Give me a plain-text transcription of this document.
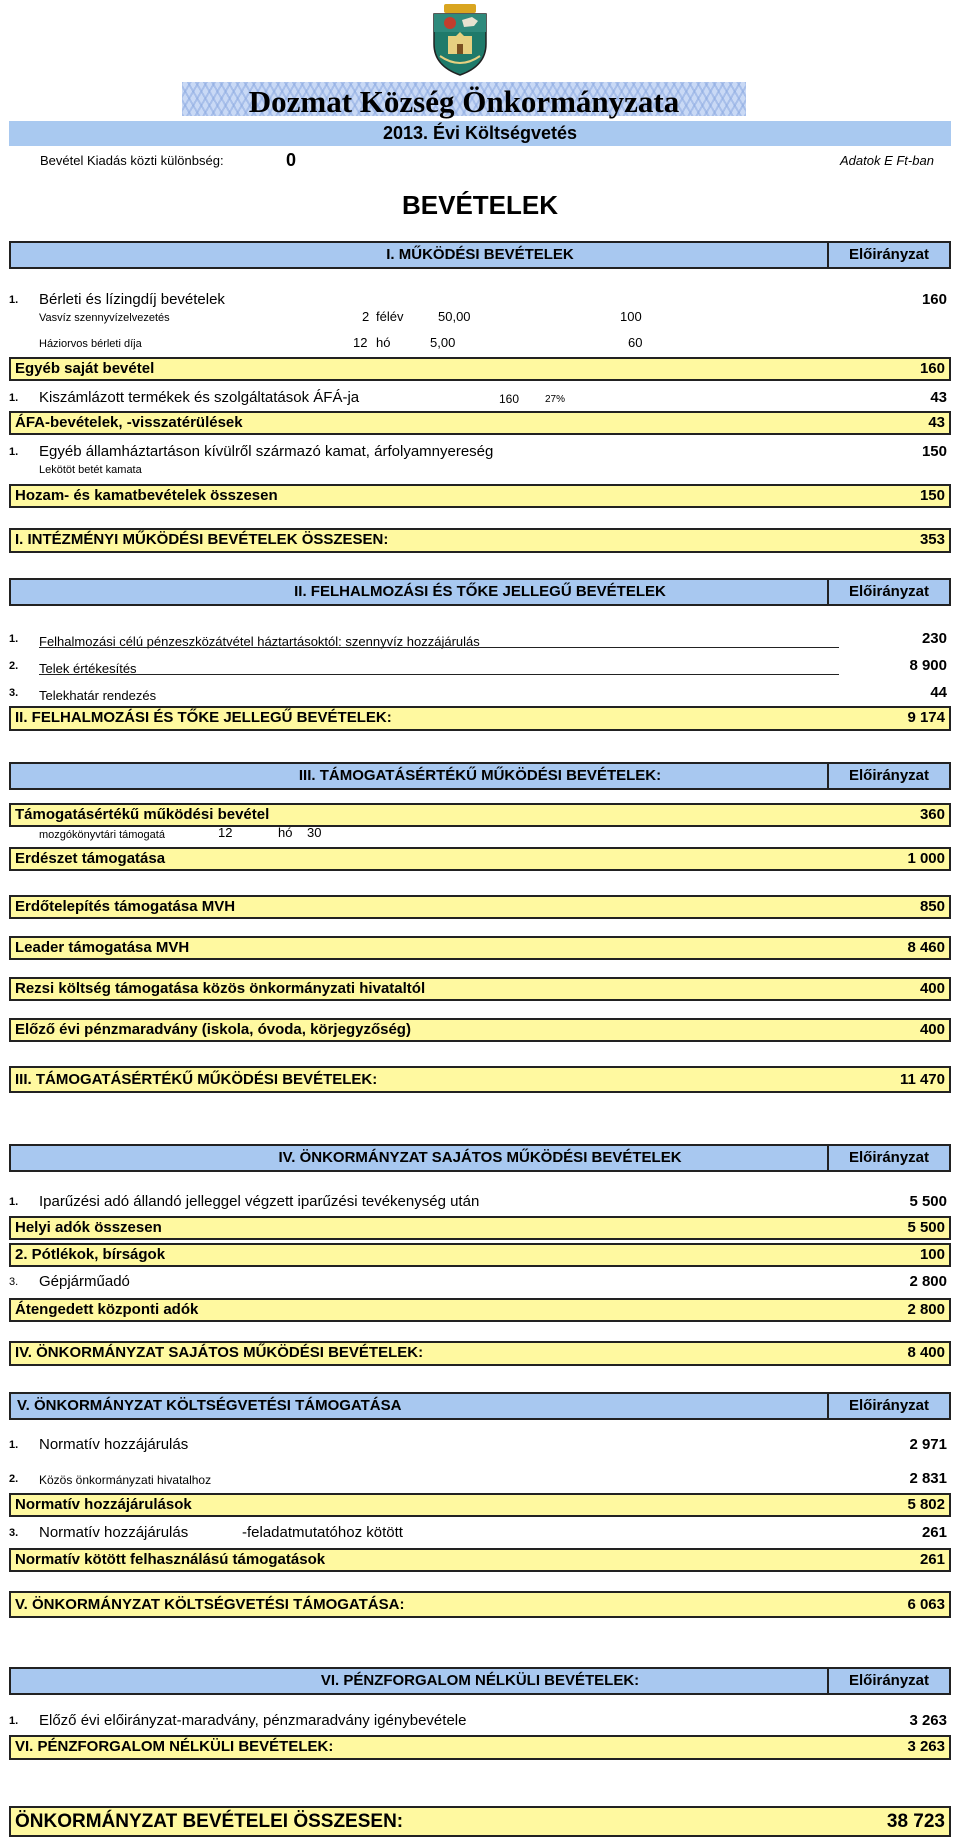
Dozmat Község Önkormányzata
2013. Évi Költségvetés
Bevétel Kiadás közti különbség:	0	Adatok E Ft-ban
BEVÉTELEK
I. MŰKÖDÉSI BEVÉTELEK	Előirányzat
1. Bérleti és lízingdíj bevételek	160
Vasvíz szennyvízelvezetés	2 félév	50,00	100
Háziorvos bérleti díja	12 hó	5,00	60
Egyéb saját bevétel	160
1. Kiszámlázott termékek és szolgáltatások ÁFÁ-ja	43
160	27%
ÁFA-bevételek, -visszatérülések	43
1. Egyéb államháztartáson kívülről származó kamat, árfolyamnyereség	150
Lekötöt betét kamata
Hozam- és kamatbevételek összesen	150
I. INTÉZMÉNYI MŰKÖDÉSI BEVÉTELEK ÖSSZESEN:	353
II. FELHALMOZÁSI ÉS TŐKE JELLEGŰ BEVÉTELEK	Előirányzat
1. Felhalmozási célú pénzeszközátvétel háztartásoktól: szennyvíz hozzájárulás	230
2. Telek értékesítés	8 900
3. Telekhatár rendezés	44
II. FELHALMOZÁSI ÉS TŐKE JELLEGŰ BEVÉTELEK:	9 174
III. TÁMOGATÁSÉRTÉKŰ MŰKÖDÉSI BEVÉTELEK:	Előirányzat
Támogatásértékű működési bevétel	360
mozgókönyvtári támogatá	12	hó 30
Erdészet támogatása	1 000
Erdőtelepítés támogatása MVH	850
Leader támogatása MVH	8 460
Rezsi költség támogatása közös önkormányzati hivataltól	400
Előző évi pénzmaradvány (iskola, óvoda, körjegyzőség)	400
III. TÁMOGATÁSÉRTÉKŰ MŰKÖDÉSI BEVÉTELEK:	11 470
IV. ÖNKORMÁNYZAT SAJÁTOS MŰKÖDÉSI BEVÉTELEK	Előirányzat
1. Iparűzési adó állandó jelleggel végzett iparűzési tevékenység után	5 500
Helyi adók összesen	5 500
2. Pótlékok, bírságok	100
3. Gépjárműadó	2 800
Átengedett központi adók	2 800
IV. ÖNKORMÁNYZAT SAJÁTOS MŰKÖDÉSI BEVÉTELEK:	8 400
V. ÖNKORMÁNYZAT KÖLTSÉGVETÉSI TÁMOGATÁSA	Előirányzat
1. Normatív hozzájárulás	2 971
2. Közös önkormányzati hivatalhoz	2 831
Normatív hozzájárulások	5 802
3. Normatív hozzájárulás	-feladatmutatóhoz kötött	261
Normatív kötött felhasználású támogatások	261
V. ÖNKORMÁNYZAT KÖLTSÉGVETÉSI TÁMOGATÁSA:	6 063
VI. PÉNZFORGALOM NÉLKÜLI BEVÉTELEK:	Előirányzat
1. Előző évi előirányzat-maradvány, pénzmaradvány igénybevétele	3 263
VI. PÉNZFORGALOM NÉLKÜLI BEVÉTELEK:	3 263
ÖNKORMÁNYZAT BEVÉTELEI ÖSSZESEN:	38 723
